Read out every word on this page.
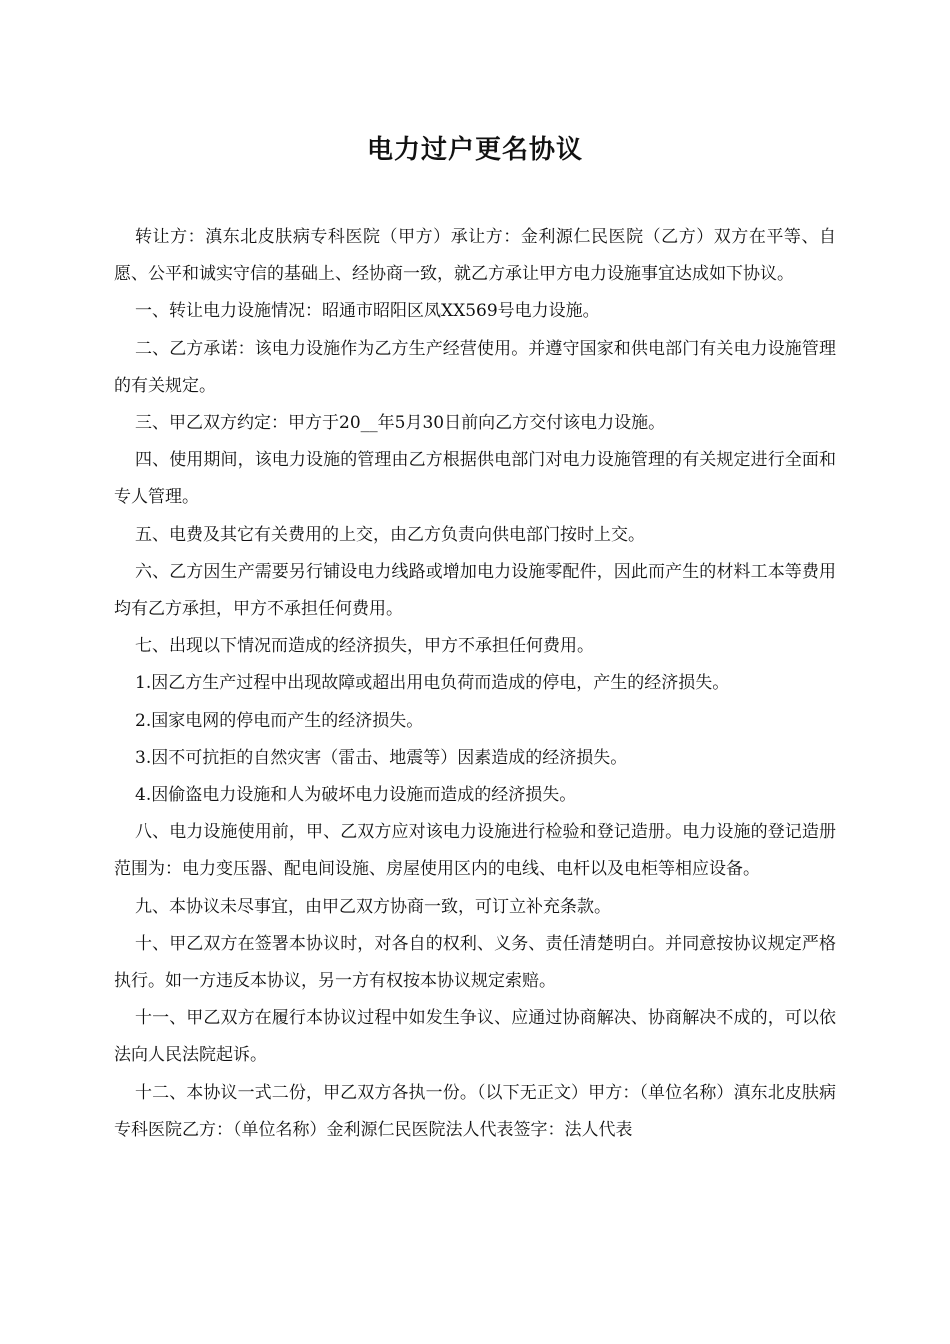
电力过户更名协议

转让方：滇东北皮肤病专科医院（甲方）承让方：金利源仁民医院（乙方）双方在平等、自愿、公平和诚实守信的基础上、经协商一致，就乙方承让甲方电力设施事宜达成如下协议。

一、转让电力设施情况：昭通市昭阳区凤XX569号电力设施。

二、乙方承诺：该电力设施作为乙方生产经营使用。并遵守国家和供电部门有关电力设施管理的有关规定。

三、甲乙双方约定：甲方于20__年5月30日前向乙方交付该电力设施。

四、使用期间，该电力设施的管理由乙方根据供电部门对电力设施管理的有关规定进行全面和专人管理。

五、电费及其它有关费用的上交，由乙方负责向供电部门按时上交。

六、乙方因生产需要另行铺设电力线路或增加电力设施零配件，因此而产生的材料工本等费用均有乙方承担，甲方不承担任何费用。

七、出现以下情况而造成的经济损失，甲方不承担任何费用。

1.因乙方生产过程中出现故障或超出用电负荷而造成的停电，产生的经济损失。

2.国家电网的停电而产生的经济损失。

3.因不可抗拒的自然灾害（雷击、地震等）因素造成的经济损失。

4.因偷盗电力设施和人为破坏电力设施而造成的经济损失。

八、电力设施使用前，甲、乙双方应对该电力设施进行检验和登记造册。电力设施的登记造册范围为：电力变压器、配电间设施、房屋使用区内的电线、电杆以及电柜等相应设备。

九、本协议未尽事宜，由甲乙双方协商一致，可订立补充条款。

十、甲乙双方在签署本协议时，对各自的权利、义务、责任清楚明白。并同意按协议规定严格执行。如一方违反本协议，另一方有权按本协议规定索赔。

十一、甲乙双方在履行本协议过程中如发生争议、应通过协商解决、协商解决不成的，可以依法向人民法院起诉。

十二、本协议一式二份，甲乙双方各执一份。（以下无正文）甲方：（单位名称）滇东北皮肤病专科医院乙方：（单位名称）金利源仁民医院法人代表签字：法人代表
